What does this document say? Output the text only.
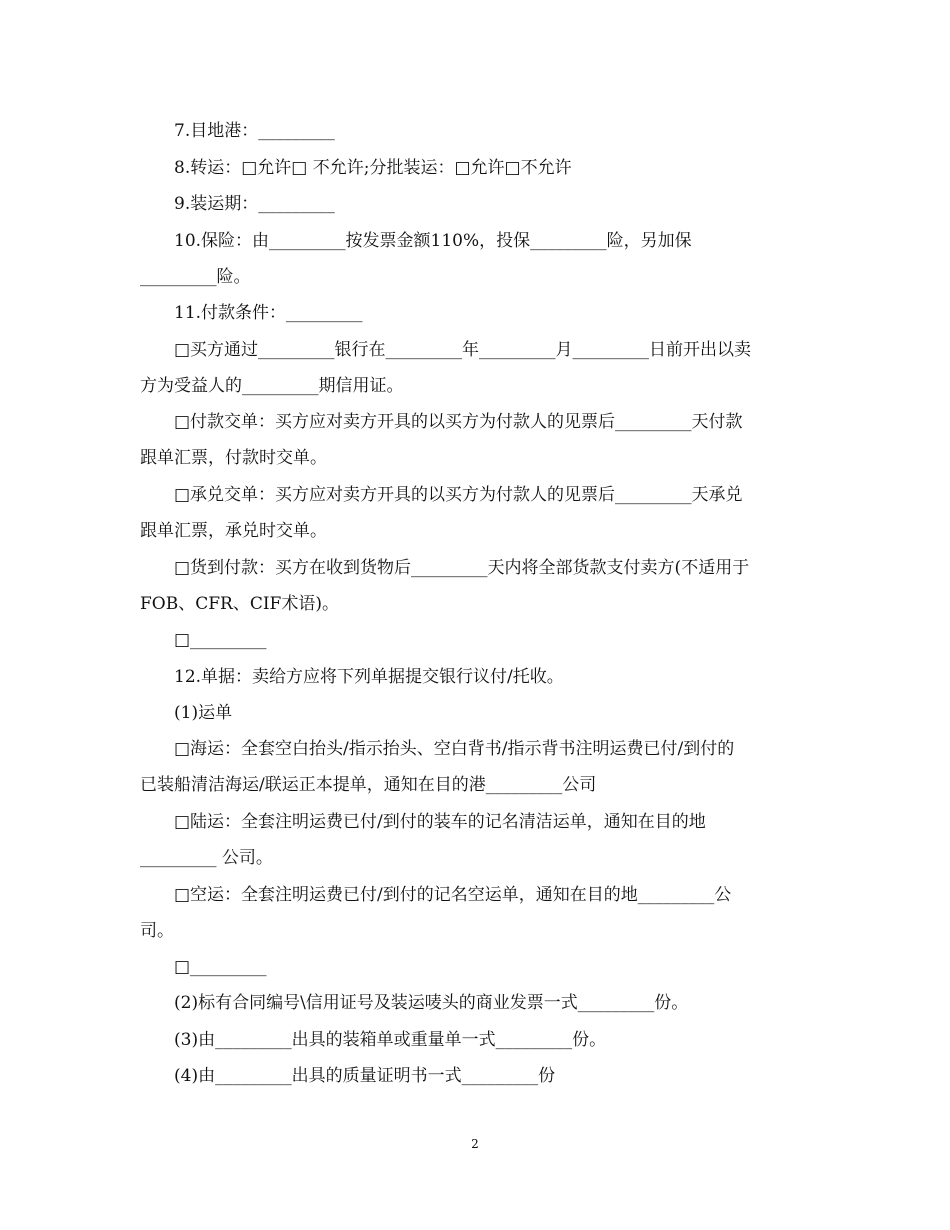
7.目地港：_________
8.转运：□允许□ 不允许;分批装运：□允许□不允许
9.装运期：_________
10.保险：由_________按发票金额110%，投保_________险，另加保
_________险。
11.付款条件：_________
□买方通过_________银行在_________年_________月_________日前开出以卖
方为受益人的_________期信用证。
□付款交单：买方应对卖方开具的以买方为付款人的见票后_________天付款
跟单汇票，付款时交单。
□承兑交单：买方应对卖方开具的以买方为付款人的见票后_________天承兑
跟单汇票，承兑时交单。
□货到付款：买方在收到货物后_________天内将全部货款支付卖方(不适用于
FOB、CFR、CIF术语)。
□_________
12.单据：卖给方应将下列单据提交银行议付/托收。
(1)运单
□海运：全套空白抬头/指示抬头、空白背书/指示背书注明运费已付/到付的
已装船清洁海运/联运正本提单，通知在目的港_________公司
□陆运：全套注明运费已付/到付的装车的记名清洁运单，通知在目的地
_________ 公司。
□空运：全套注明运费已付/到付的记名空运单，通知在目的地_________公
司。
□_________
(2)标有合同编号\信用证号及装运唛头的商业发票一式_________份。
(3)由_________出具的装箱单或重量单一式_________份。
(4)由_________出具的质量证明书一式_________份
2
